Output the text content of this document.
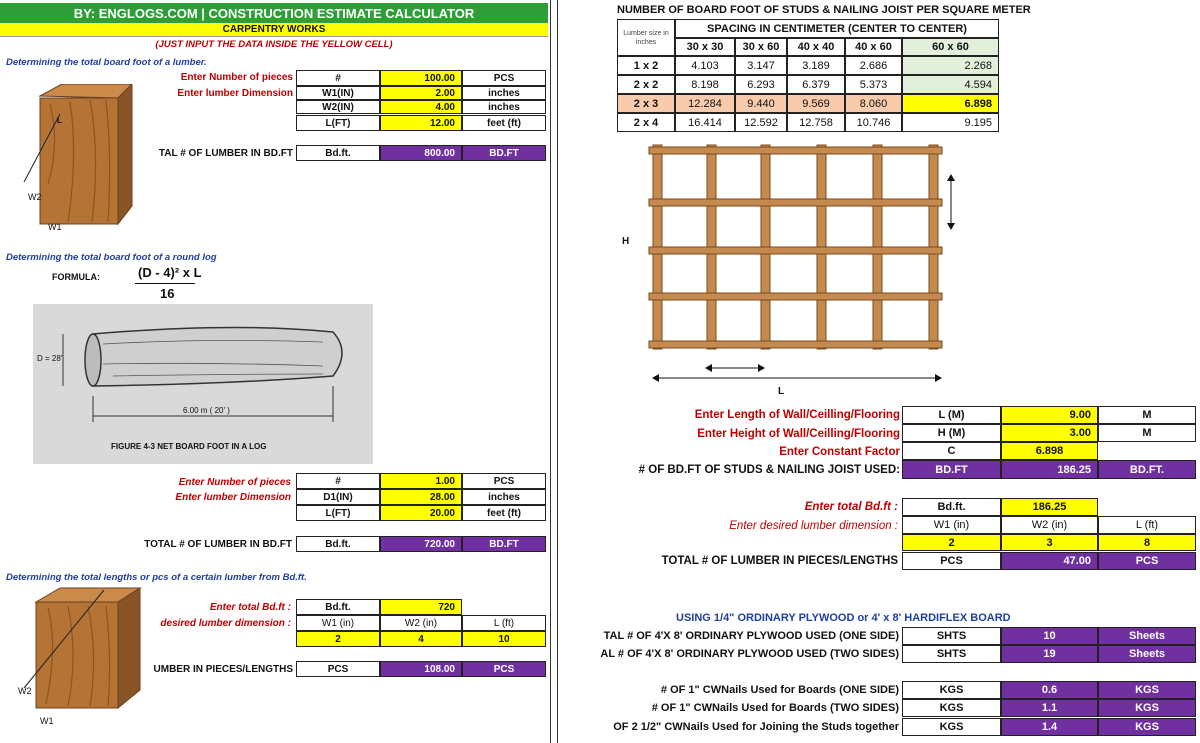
BY: ENGLOGS.COM | CONSTRUCTION ESTIMATE CALCULATOR
CARPENTRY WORKS
(JUST INPUT THE DATA INSIDE THE YELLOW CELL)
Determining the total board foot of a lumber.
L
W2
W1
Enter Number of pieces
Enter lumber Dimension
#	100.00	PCS
W1(IN)	2.00	inches
W2(IN)	4.00	inches
L(FT)	12.00	feet (ft)
TAL # OF LUMBER IN BD.FT	Bd.ft.	800.00	BD.FT
Determining the total board foot of a round log
FORMULA:	(D - 4)² x L
16
D = 28"
6.00 m ( 20' )
FIGURE 4-3 NET BOARD FOOT IN A LOG
Enter Number of pieces
Enter lumber Dimension
#	1.00	PCS
D1(IN)	28.00	inches
L(FT)	20.00	feet (ft)
TOTAL # OF LUMBER IN BD.FT	Bd.ft.	720.00	BD.FT
Determining the total lengths or pcs of a certain lumber from Bd.ft.
W2
W1
Enter total Bd.ft :
desired lumber dimension :
Bd.ft.	720
W1 (in)	W2 (in)	L (ft)
2	4	10
UMBER IN PIECES/LENGTHS	PCS	108.00	PCS
NUMBER OF BOARD FOOT OF STUDS & NAILING JOIST PER SQUARE METER
Lumber size in inches
SPACING IN CENTIMETER (CENTER TO CENTER)
30 x 30	30 x 60	40 x 40	40 x 60	60 x 60
1 x 2	4.103	3.147	3.189	2.686	2.268
2 x 2	8.198	6.293	6.379	5.373	4.594
2 x 3	12.284	9.440	9.569	8.060	6.898
2 x 4	16.414	12.592	12.758	10.746	9.195
H
L
Enter Length of Wall/Ceilling/Flooring	L (M)	9.00	M
Enter Height of Wall/Ceilling/Flooring	H (M)	3.00	M
Enter Constant Factor	C	6.898
# OF BD.FT OF STUDS & NAILING JOIST USED:	BD.FT	186.25	BD.FT.
Enter total Bd.ft :	Bd.ft.	186.25
Enter desired lumber dimension :	W1 (in)	W2 (in)	L (ft)
2	3	8
TOTAL # OF LUMBER IN PIECES/LENGTHS	PCS	47.00	PCS
USING 1/4" ORDINARY PLYWOOD or 4' x 8' HARDIFLEX BOARD
TAL # OF 4'X 8' ORDINARY PLYWOOD USED (ONE SIDE)	SHTS	10	Sheets
AL # OF 4'X 8' ORDINARY PLYWOOD USED (TWO SIDES)	SHTS	19	Sheets
# OF 1" CWNails Used for Boards (ONE SIDE)	KGS	0.6	KGS
# OF 1" CWNails Used for Boards (TWO SIDES)	KGS	1.1	KGS
OF 2 1/2" CWNails Used for Joining the Studs together	KGS	1.4	KGS
